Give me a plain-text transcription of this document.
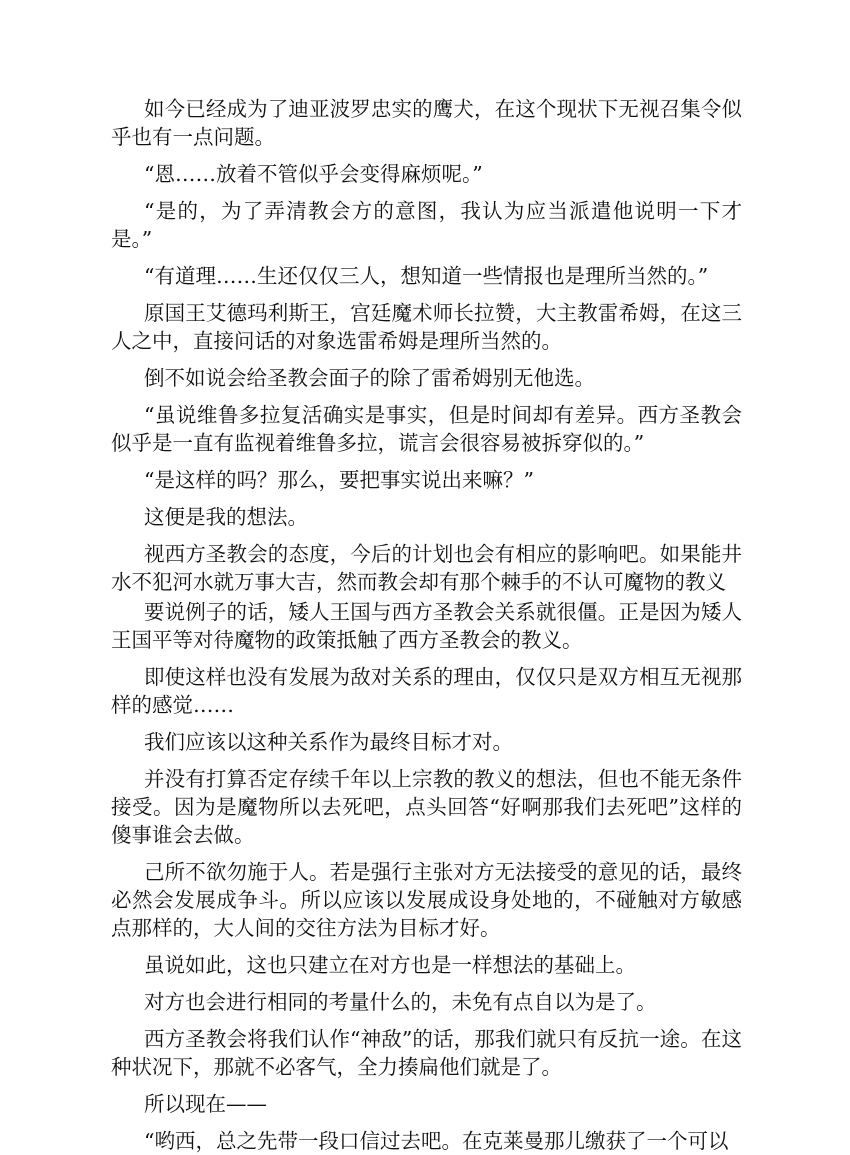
如今已经成为了迪亚波罗忠实的鹰犬，在这个现状下无视召集令似乎也有一点问题。

“恩……放着不管似乎会变得麻烦呢。”

“是的，为了弄清教会方的意图，我认为应当派遣他说明一下才是。”

“有道理……生还仅仅三人，想知道一些情报也是理所当然的。”

原国王艾德玛利斯王，宫廷魔术师长拉赞，大主教雷希姆，在这三人之中，直接问话的对象选雷希姆是理所当然的。

倒不如说会给圣教会面子的除了雷希姆别无他选。

“虽说维鲁多拉复活确实是事实，但是时间却有差异。西方圣教会似乎是一直有监视着维鲁多拉，谎言会很容易被拆穿似的。”

“是这样的吗？那么，要把事实说出来嘛？”

这便是我的想法。

视西方圣教会的态度，今后的计划也会有相应的影响吧。如果能井水不犯河水就万事大吉，然而教会却有那个棘手的不认可魔物的教义

要说例子的话，矮人王国与西方圣教会关系就很僵。正是因为矮人王国平等对待魔物的政策抵触了西方圣教会的教义。

即使这样也没有发展为敌对关系的理由，仅仅只是双方相互无视那样的感觉……

我们应该以这种关系作为最终目标才对。

并没有打算否定存续千年以上宗教的教义的想法，但也不能无条件接受。因为是魔物所以去死吧，点头回答“好啊那我们去死吧”这样的傻事谁会去做。

己所不欲勿施于人。若是强行主张对方无法接受的意见的话，最终必然会发展成争斗。所以应该以发展成设身处地的，不碰触对方敏感点那样的，大人间的交往方法为目标才好。

虽说如此，这也只建立在对方也是一样想法的基础上。

对方也会进行相同的考量什么的，未免有点自以为是了。

西方圣教会将我们认作“神敌”的话，那我们就只有反抗一途。在这种状况下，那就不必客气，全力揍扁他们就是了。

所以现在——

“哟西，总之先带一段口信过去吧。在克莱曼那儿缴获了一个可以
